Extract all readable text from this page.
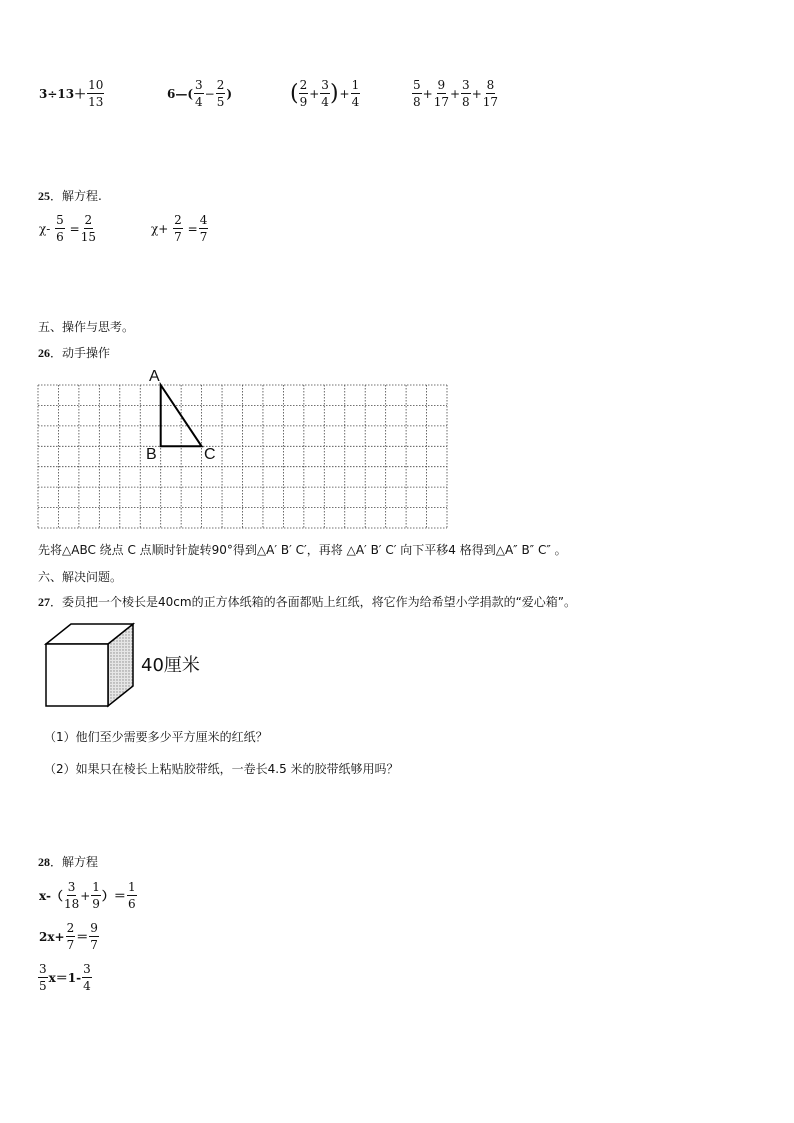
$3\div 13+ \frac{10}{13}$	6—( $\frac{3}{4} - \frac{2}{5}$ )	( $\frac{2}{9} + \frac{3}{4}$ )+ $\frac{1}{4}$	$\frac{5}{8} + \frac{9}{17} + \frac{3}{8} + \frac{8}{17}$
25．解方程.
$\chi- \frac{5}{6} = \frac{2}{15}$	$\chi+ \frac{2}{7} = \frac{4}{7}$
五、操作与思考。
26．动手操作
A
B	C
先将△ABC 绕点 C 点顺时针旋转90°得到△A′ B′ C′，再将 △A′ B′ C′ 向下平移4 格得到△A″ B″ C″ 。
六、解决问题。
27．委员把一个棱长是40cm的正方体纸箱的各面都贴上红纸，将它作为给希望小学捐款的“爱心箱”。
40厘米
（1）他们至少需要多少平方厘米的红纸？
（2）如果只在棱长上粘贴胶带纸，一卷长4.5 米的胶带纸够用吗？
28．解方程
$x-( \frac{3}{18} + \frac{1}{9}$ ）＝ $\frac{1}{6}$
$2x+ \frac{2}{7} = \frac{9}{7}$
$\frac{3}{5} x=1- \frac{3}{4}$
